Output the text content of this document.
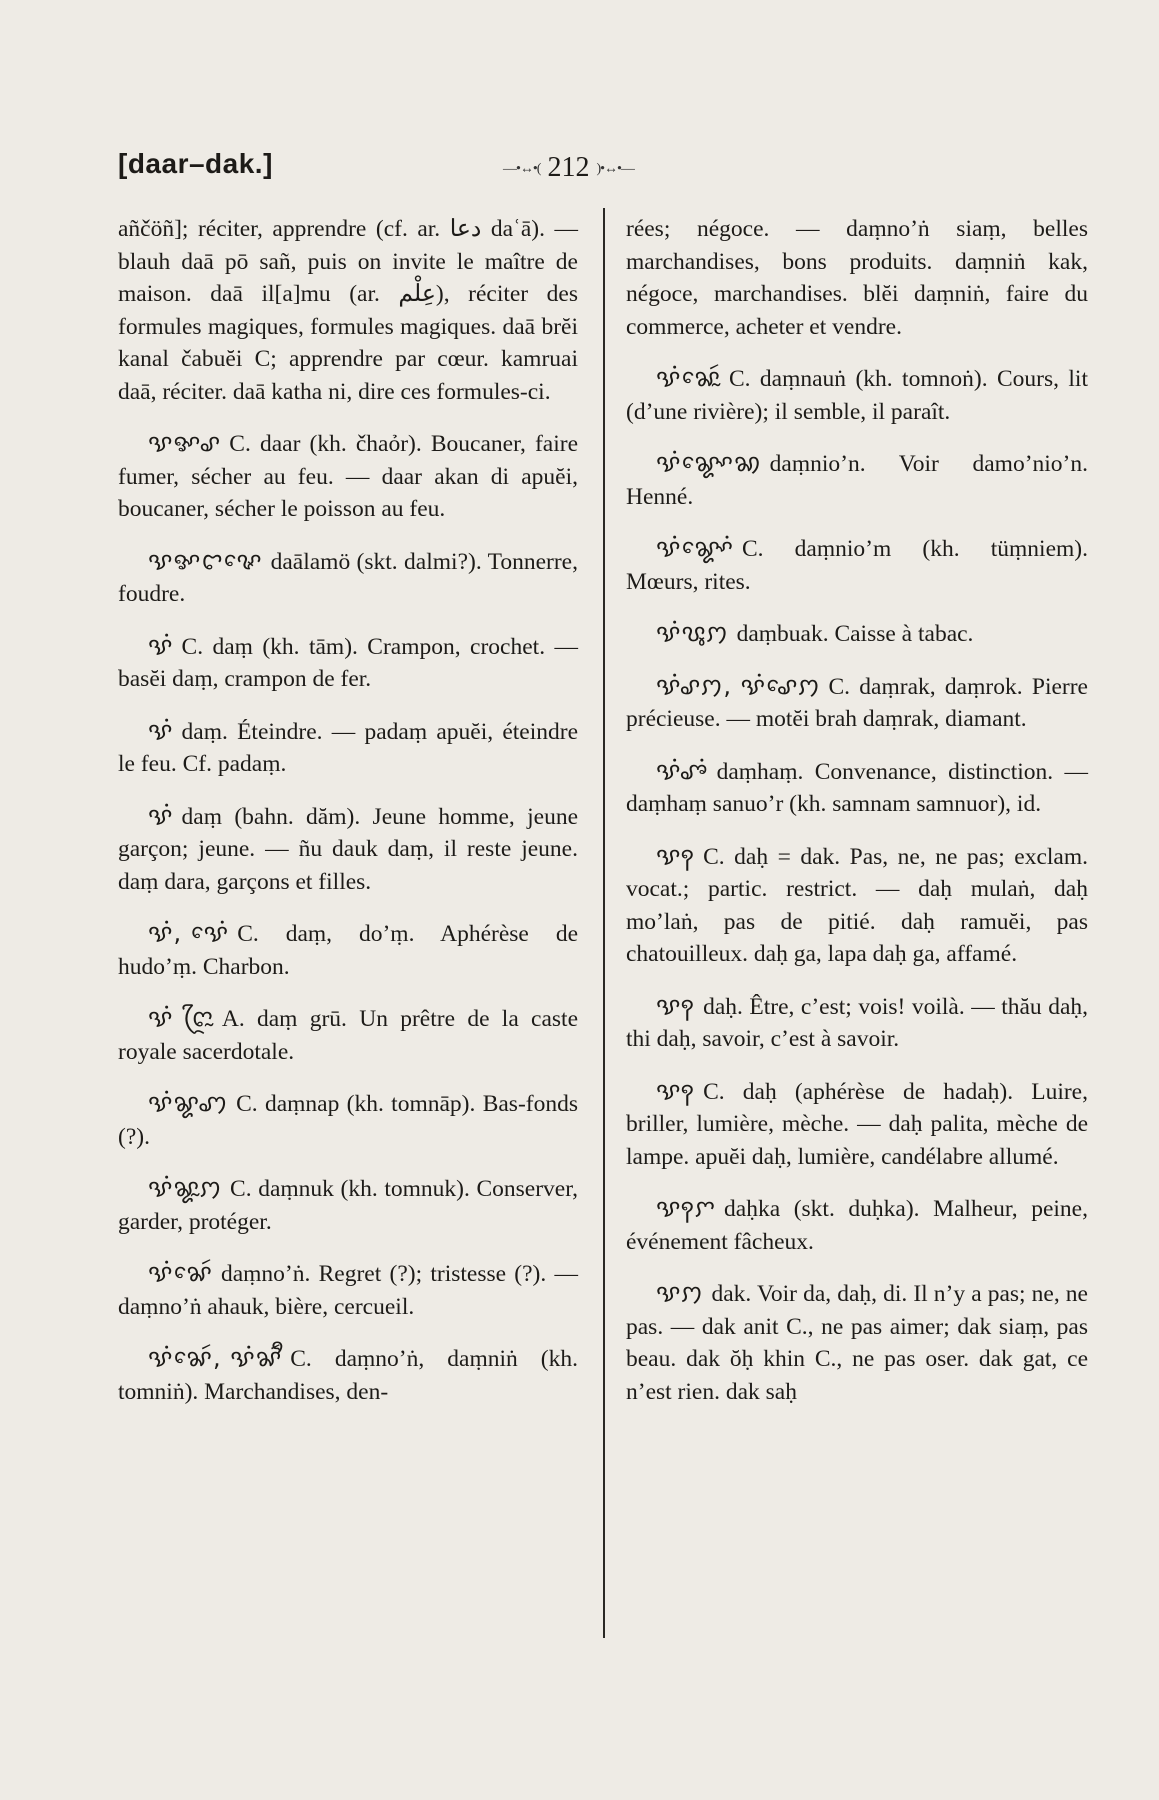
[daar–dak.]	—•↔•( 212 )•↔•—

añčöñ]; réciter, apprendre (cf. ar. دعا daʿā). — blauh daā pō sañ, puis on invite le maître de maison. daā il[a]mu (ar. عِلْم), réciter des formules magiques, formules magiques. daā brĕi kanal čabuĕi C; apprendre par cœur. kamruai daā, réciter. daā katha ni, dire ces formules-ci.

ꨕꨀꨣ C. daar (kh. čhaỏr). Boucaner, faire fumer, sécher au feu. — daar akan di apuĕi, boucaner, sécher le poisson au feu.

ꨕꨀꨤꨟꨯ daālamö (skt. dalmi?). Tonnerre, foudre.

ꨕꩌ C. daṃ (kh. tām). Crampon, crochet. — basĕi daṃ, crampon de fer.

ꨕꩌ daṃ. Éteindre. — padaṃ apuĕi, éteindre le feu. Cf. padaṃ.

ꨕꩌ daṃ (bahn. dăm). Jeune homme, jeune garçon; jeune. — ñu dauk daṃ, il reste jeune. daṃ dara, garçons et filles.

ꨕꩌ, ꨕꨯꩌ C. daṃ, do’ṃ. Aphérèse de hudo’ṃ. Charbon.

ꨕꩌ ꨈꨴꨭ A. daṃ grū. Un prêtre de la caste royale sacerdotale.

ꨕꩌꨘꩇ C. daṃnap (kh. tomnāp). Bas-fonds (?).

ꨕꩌꨘꨭꩀ C. daṃnuk (kh. tomnuk). Conserver, garder, protéger.

ꨕꩌꨗꨯꩃ daṃno’ṅ. Regret (?); tristesse (?). — daṃno’ṅ ahauk, bière, cercueil.

ꨕꩌꨗꨯꩃ, ꨕꩌꨗꨪꩃ C. daṃno’ṅ, daṃniṅ (kh. tomniṅ). Marchandises, den-

rées; négoce. — daṃno’ṅ siaṃ, belles marchandises, bons produits. daṃniṅ kak, négoce, marchandises. blĕi daṃniṅ, faire du commerce, acheter et vendre.

ꨕꩌꨗꨯꨭꩃ C. daṃnauṅ (kh. tomnoṅ). Cours, lit (d’une rivière); il semble, il paraît.

ꨕꩌꨘꨳꨯꩆ daṃnio’n. Voir damo’nio’n. Henné.

ꨕꩌꨘꨳꨯꩌ C. daṃnio’m (kh. tüṃniem). Mœurs, rites.

ꨕꩌꨝꨶꩀ daṃbuak. Caisse à tabac.

ꨕꩌꨣꩀ, ꨕꩌꨣꨯꩀ C. daṃrak, daṃrok. Pierre précieuse. — motĕi brah daṃrak, diamant.

ꨕꩌꨨꩌ daṃhaṃ. Convenance, distinction. — daṃhaṃ sanuo’r (kh. samnam samnuor), id.

ꨕꩍ C. daḥ = dak. Pas, ne, ne pas; exclam. vocat.; partic. restrict. — daḥ mulaṅ, daḥ mo’laṅ, pas de pitié. daḥ ramuĕi, pas chatouilleux. daḥ ga, lapa daḥ ga, affamé.

ꨕꩍ daḥ. Être, c’est; vois! voilà. — thău daḥ, thi daḥ, savoir, c’est à savoir.

ꨕꩍ C. daḥ (aphérèse de hadaḥ). Luire, briller, lumière, mèche. — daḥ palita, mèche de lampe. apuĕi daḥ, lumière, candélabre allumé.

ꨕꩍꨆ daḥka (skt. duḥka). Malheur, peine, événement fâcheux.

ꨕꩀ dak. Voir da, daḥ, di. Il n’y a pas; ne, ne pas. — dak anit C., ne pas aimer; dak siaṃ, pas beau. dak ŏḥ khin C., ne pas oser. dak gat, ce n’est rien. dak saḥ
